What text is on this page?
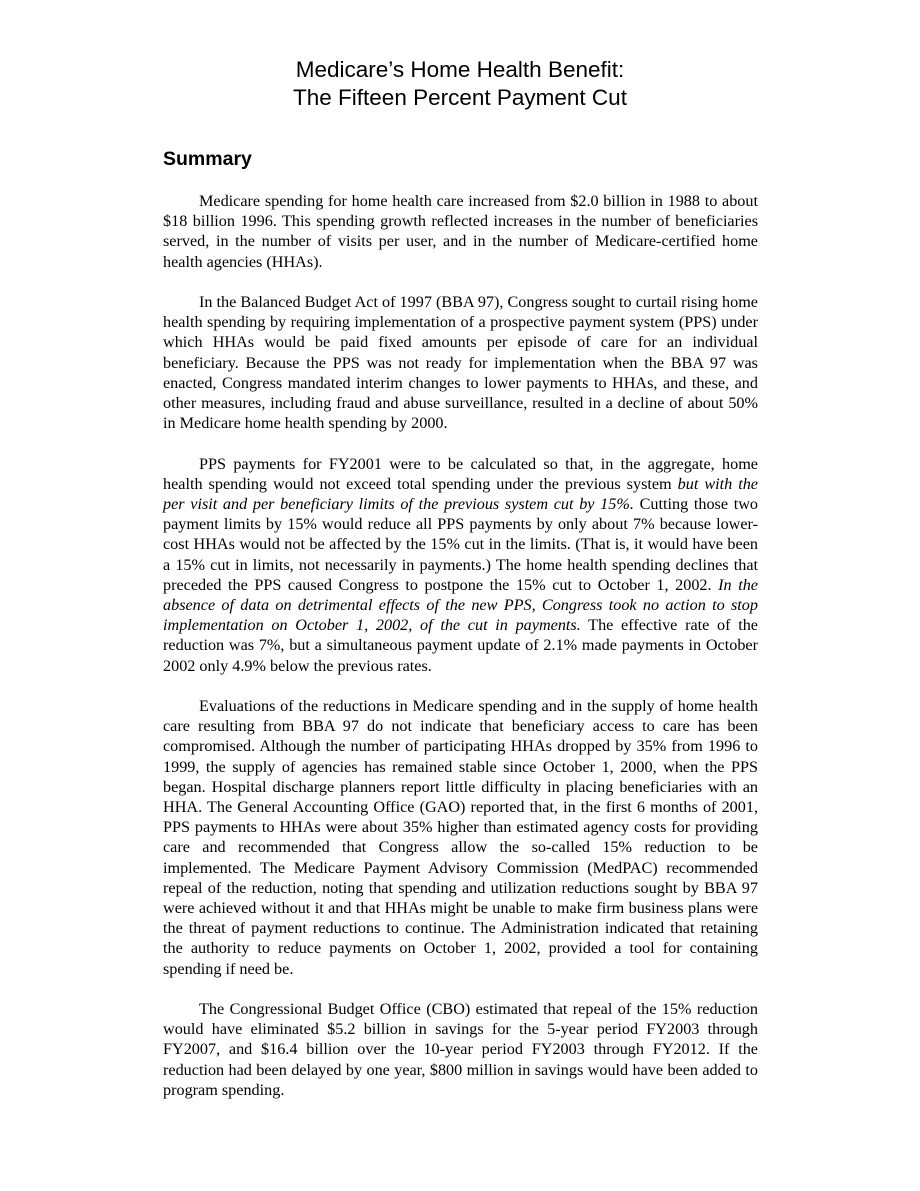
Medicare’s Home Health Benefit:
The Fifteen Percent Payment Cut
Summary

Medicare spending for home health care increased from $2.0 billion in 1988 to about $18 billion 1996. This spending growth reflected increases in the number of beneficiaries served, in the number of visits per user, and in the number of Medicare-certified home health agencies (HHAs).

In the Balanced Budget Act of 1997 (BBA 97), Congress sought to curtail rising home health spending by requiring implementation of a prospective payment system (PPS) under which HHAs would be paid fixed amounts per episode of care for an individual beneficiary. Because the PPS was not ready for implementation when the BBA 97 was enacted, Congress mandated interim changes to lower payments to HHAs, and these, and other measures, including fraud and abuse surveillance, resulted in a decline of about 50% in Medicare home health spending by 2000.

PPS payments for FY2001 were to be calculated so that, in the aggregate, home health spending would not exceed total spending under the previous system but with the per visit and per beneficiary limits of the previous system cut by 15%. Cutting those two payment limits by 15% would reduce all PPS payments by only about 7% because lower-cost HHAs would not be affected by the 15% cut in the limits. (That is, it would have been a 15% cut in limits, not necessarily in payments.) The home health spending declines that preceded the PPS caused Congress to postpone the 15% cut to October 1, 2002. In the absence of data on detrimental effects of the new PPS, Congress took no action to stop implementation on October 1, 2002, of the cut in payments. The effective rate of the reduction was 7%, but a simultaneous payment update of 2.1% made payments in October 2002 only 4.9% below the previous rates.

Evaluations of the reductions in Medicare spending and in the supply of home health care resulting from BBA 97 do not indicate that beneficiary access to care has been compromised. Although the number of participating HHAs dropped by 35% from 1996 to 1999, the supply of agencies has remained stable since October 1, 2000, when the PPS began. Hospital discharge planners report little difficulty in placing beneficiaries with an HHA. The General Accounting Office (GAO) reported that, in the first 6 months of 2001, PPS payments to HHAs were about 35% higher than estimated agency costs for providing care and recommended that Congress allow the so-called 15% reduction to be implemented. The Medicare Payment Advisory Commission (MedPAC) recommended repeal of the reduction, noting that spending and utilization reductions sought by BBA 97 were achieved without it and that HHAs might be unable to make firm business plans were the threat of payment reductions to continue. The Administration indicated that retaining the authority to reduce payments on October 1, 2002, provided a tool for containing spending if need be.

The Congressional Budget Office (CBO) estimated that repeal of the 15% reduction would have eliminated $5.2 billion in savings for the 5-year period FY2003 through FY2007, and $16.4 billion over the 10-year period FY2003 through FY2012. If the reduction had been delayed by one year, $800 million in savings would have been added to program spending.
